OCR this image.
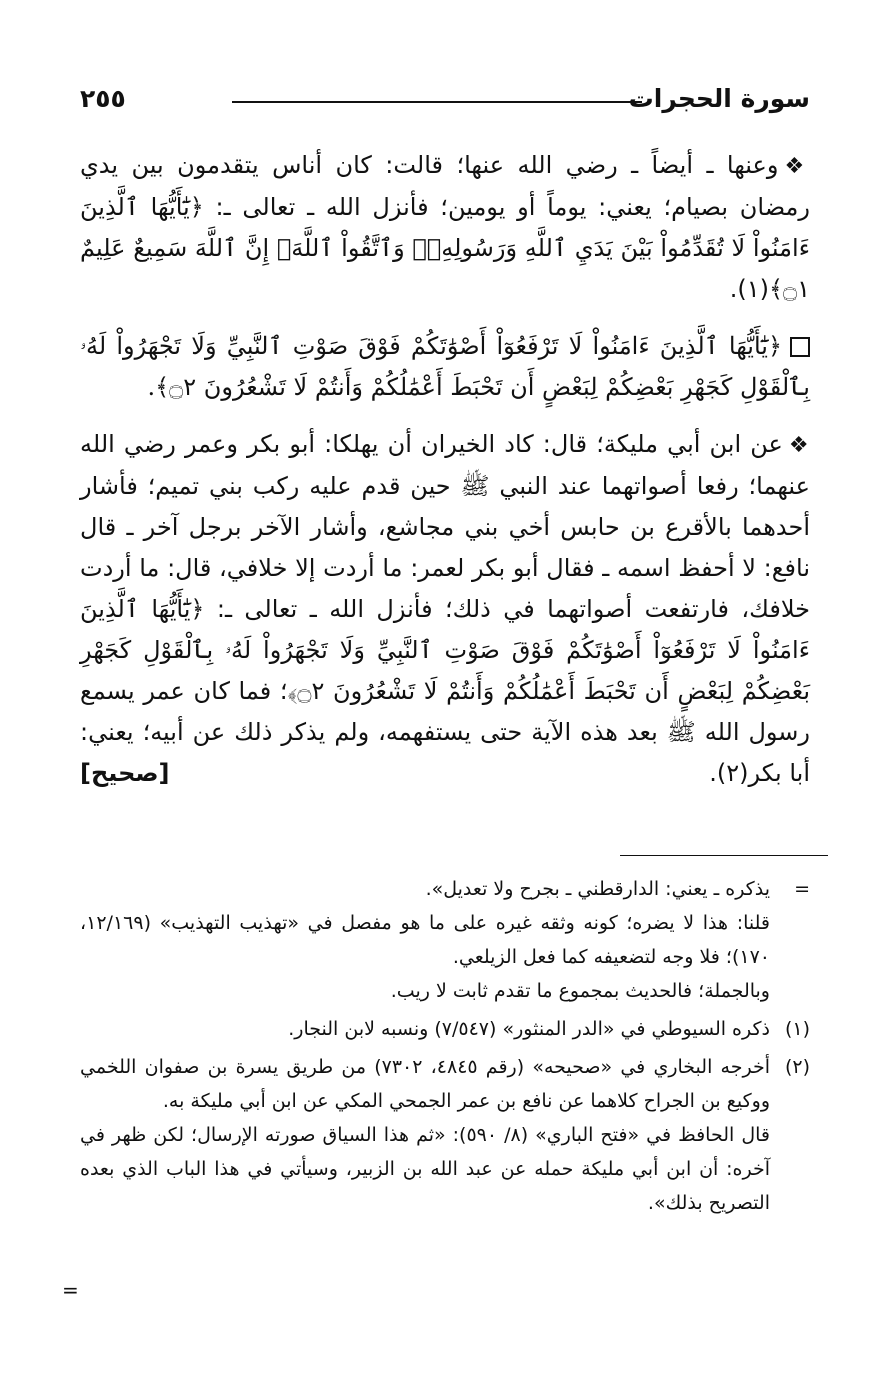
سورة الحجرات
٢٥٥

❖وعنها ـ أيضاً ـ رضي الله عنها؛ قالت: كان أناس يتقدمون بين يدي رمضان بصيام؛ يعني: يوماً أو يومين؛ فأنزل الله ـ تعالى ـ: ﴿يَٰٓأَيُّهَا ٱلَّذِينَ ءَامَنُواْ لَا تُقَدِّمُواْ بَيْنَ يَدَيِ ٱللَّهِ وَرَسُولِهِۦۖ وَٱتَّقُواْ ٱللَّهَۚ إِنَّ ٱللَّهَ سَمِيعٌ عَلِيمٌ ۝١﴾(١).

﴿يَٰٓأَيُّهَا ٱلَّذِينَ ءَامَنُواْ لَا تَرْفَعُوٓاْ أَصْوَٰتَكُمْ فَوْقَ صَوْتِ ٱلنَّبِيِّ وَلَا تَجْهَرُواْ لَهُۥ بِٱلْقَوْلِ كَجَهْرِ بَعْضِكُمْ لِبَعْضٍ أَن تَحْبَطَ أَعْمَٰلُكُمْ وَأَنتُمْ لَا تَشْعُرُونَ ۝٢﴾.

❖عن ابن أبي مليكة؛ قال: كاد الخيران أن يهلكا: أبو بكر وعمر رضي الله عنهما؛ رفعا أصواتهما عند النبي ﷺ حين قدم عليه ركب بني تميم؛ فأشار أحدهما بالأقرع بن حابس أخي بني مجاشع، وأشار الآخر برجل آخر ـ قال نافع: لا أحفظ اسمه ـ فقال أبو بكر لعمر: ما أردت إلا خلافي، قال: ما أردت خلافك، فارتفعت أصواتهما في ذلك؛ فأنزل الله ـ تعالى ـ: ﴿يَٰٓأَيُّهَا ٱلَّذِينَ ءَامَنُواْ لَا تَرْفَعُوٓاْ أَصْوَٰتَكُمْ فَوْقَ صَوْتِ ٱلنَّبِيِّ وَلَا تَجْهَرُواْ لَهُۥ بِٱلْقَوْلِ كَجَهْرِ بَعْضِكُمْ لِبَعْضٍ أَن تَحْبَطَ أَعْمَٰلُكُمْ وَأَنتُمْ لَا تَشْعُرُونَ ۝٢﴾؛ فما كان عمر يسمع رسول الله ﷺ بعد هذه الآية حتى يستفهمه، ولم يذكر ذلك عن أبيه؛ يعني: أبا بكر(٢).
[صحيح]

=
يذكره ـ يعني: الدارقطني ـ بجرح ولا تعديل».
قلنا: هذا لا يضره؛ كونه وثقه غيره على ما هو مفصل في «تهذيب التهذيب» (١٢/١٦٩، ١٧٠)؛ فلا وجه لتضعيفه كما فعل الزيلعي.
وبالجملة؛ فالحديث بمجموع ما تقدم ثابت لا ريب.
(١)
ذكره السيوطي في «الدر المنثور» (٧/٥٤٧) ونسبه لابن النجار.
(٢)
أخرجه البخاري في «صحيحه» (رقم ٤٨٤٥، ٧٣٠٢) من طريق يسرة بن صفوان اللخمي ووكيع بن الجراح كلاهما عن نافع بن عمر الجمحي المكي عن ابن أبي مليكة به.
قال الحافظ في «فتح الباري» (٨/ ٥٩٠): «ثم هذا السياق صورته الإرسال؛ لكن ظهر في آخره: أن ابن أبي مليكة حمله عن عبد الله بن الزبير، وسيأتي في هذا الباب الذي بعده التصريح بذلك».
=
